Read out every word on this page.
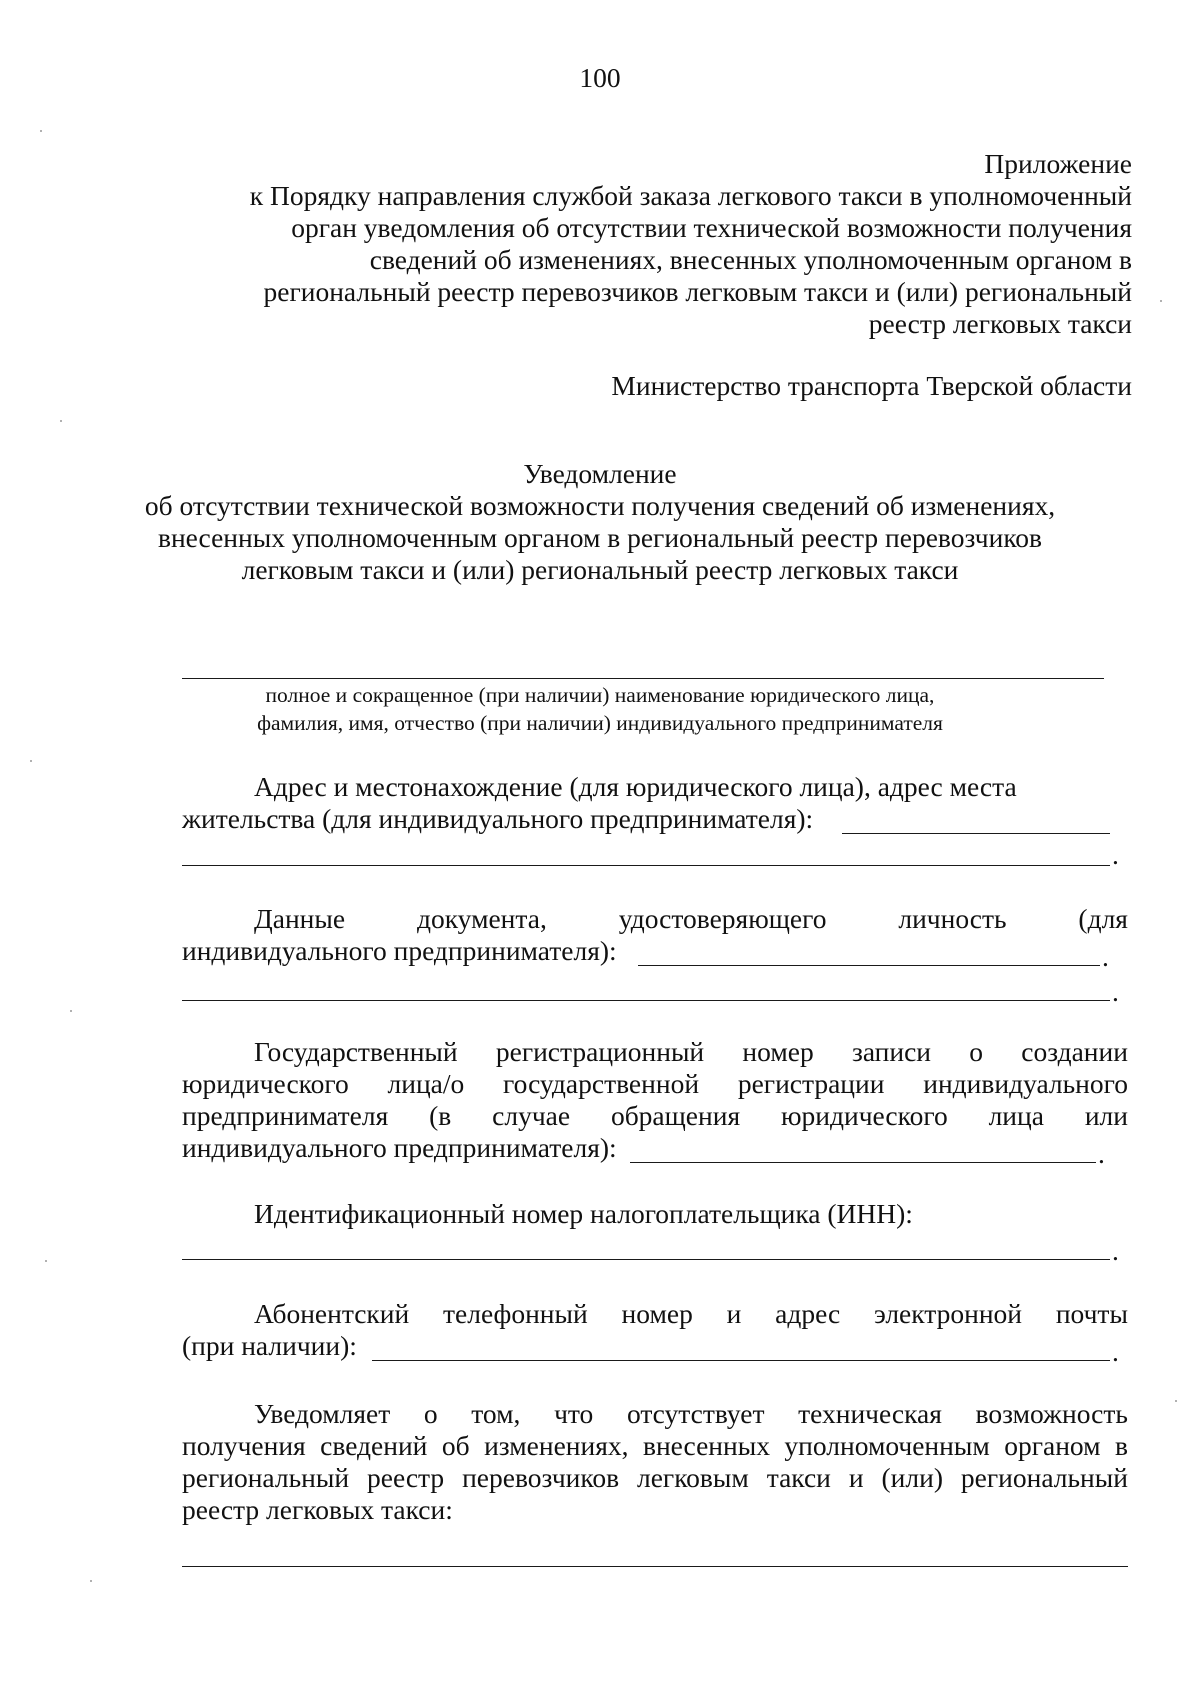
100
Приложение
к Порядку направления службой заказа легкового такси в уполномоченный
орган уведомления об отсутствии технической возможности получения
сведений об изменениях, внесенных уполномоченным органом в
региональный реестр перевозчиков легковым такси и (или) региональный
реестр легковых такси
Министерство транспорта Тверской области
Уведомление
об отсутствии технической возможности получения сведений об изменениях,
внесенных уполномоченным органом в региональный реестр перевозчиков
легковым такси и (или) региональный реестр легковых такси
полное и сокращенное (при наличии) наименование юридического лица,
фамилия, имя, отчество (при наличии) индивидуального предпринимателя
Адрес и местонахождение (для юридического лица), адрес места
жительства (для индивидуального предпринимателя):
.
Данные	документа,	удостоверяющего	личность	(для
индивидуального предпринимателя):	.
.
Государственный регистрационный номер записи о создании
юридического лица/о государственной регистрации индивидуального
предпринимателя (в случае обращения юридического лица или
индивидуального предпринимателя):	.
Идентификационный номер налогоплательщика (ИНН):
.
Абонентский телефонный номер и адрес электронной почты
(при наличии):	.
Уведомляет о том, что отсутствует техническая возможность
получения сведений об изменениях, внесенных уполномоченным органом в
региональный реестр перевозчиков легковым такси и (или) региональный
реестр легковых такси:
